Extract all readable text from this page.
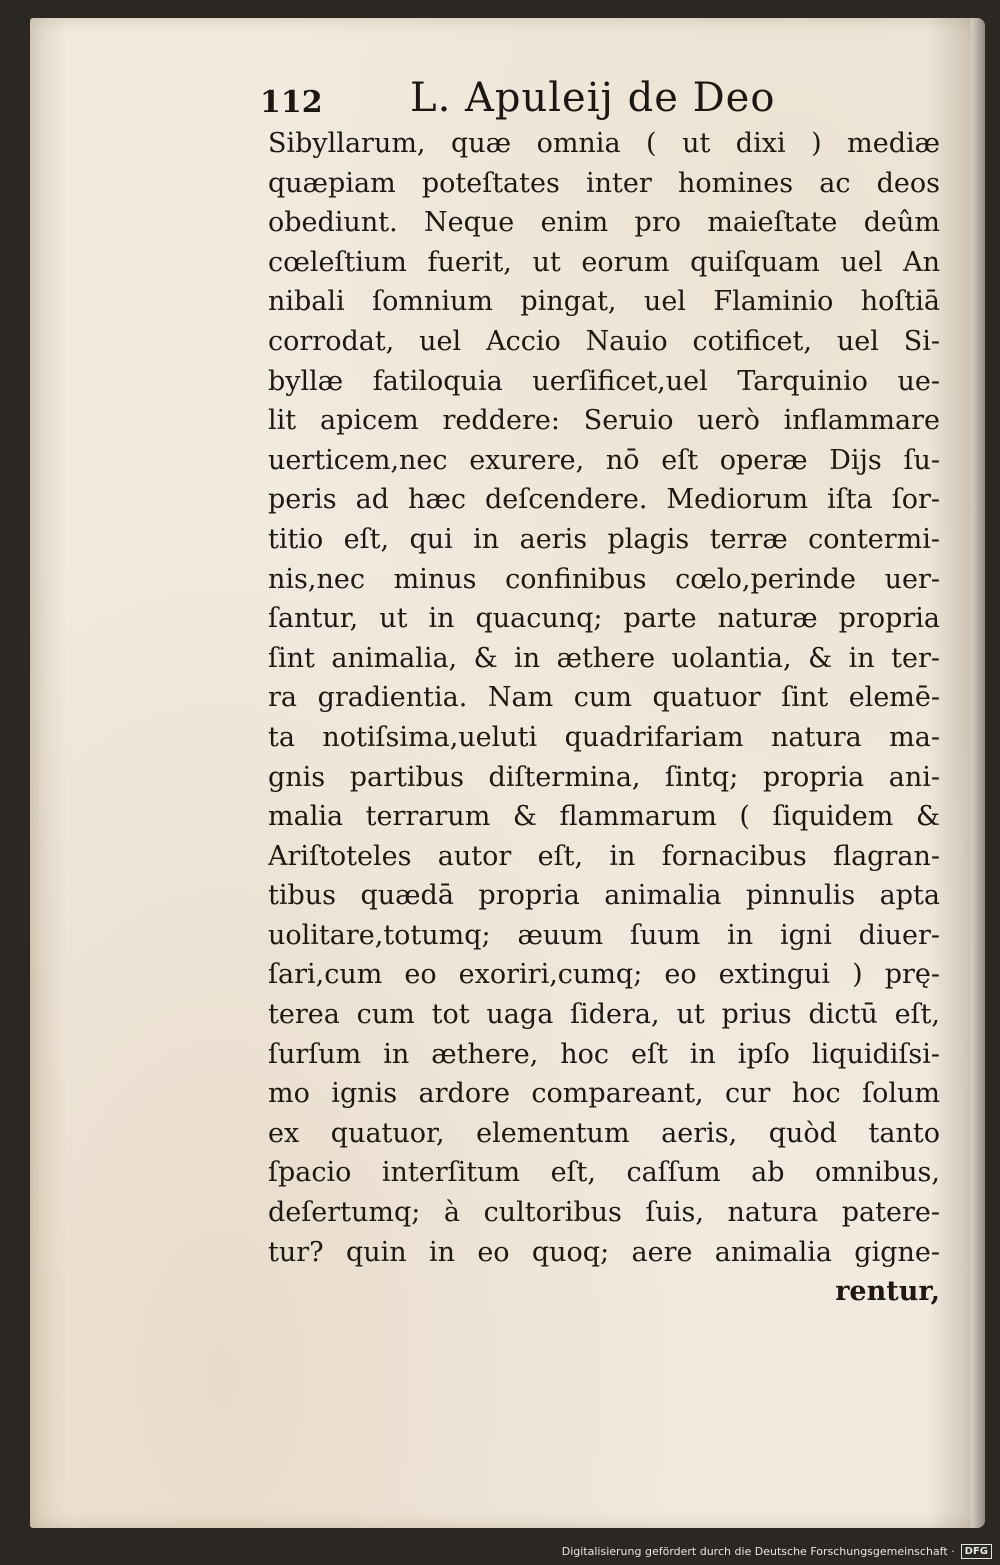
112 L. Apuleij de Deo
Sibyllarum, quæ omnia ( ut dixi ) mediæ
quæpiam poteſtates inter homines ac deos
obediunt. Neque enim pro maieſtate deûm
cœleſtium fuerit, ut eorum quiſquam uel An
nibali ſomnium pingat, uel Flaminio hoſtiā
corrodat, uel Accio Nauio cotificet, uel Si-
byllæ fatiloquia uerſificet,uel Tarquinio ue-
lit apicem reddere: Seruio uerò inflammare
uerticem,nec exurere, nō eſt operæ Dijs ſu-
peris ad hæc deſcendere. Mediorum iſta ſor-
titio eſt, qui in aeris plagis terræ contermi-
nis,nec minus confinibus cœlo,perinde uer-
ſantur, ut in quacunq; parte naturæ propria
ſint animalia, & in æthere uolantia, & in ter-
ra gradientia. Nam cum quatuor ſint elemē-
ta notiſsima,ueluti quadrifariam natura ma-
gnis partibus diſtermina, ſintq; propria ani-
malia terrarum & flammarum ( ſiquidem &
Ariſtoteles autor eſt, in fornacibus flagran-
tibus quædā propria animalia pinnulis apta
uolitare,totumq; æuum ſuum in igni diuer-
ſari,cum eo exoriri,cumq; eo extingui ) prę-
terea cum tot uaga ſidera, ut prius dictū eſt,
ſurſum in æthere, hoc eſt in ipſo liquidiſsi-
mo ignis ardore compareant, cur hoc ſolum
ex quatuor, elementum aeris, quòd tanto
ſpacio interſitum eſt, caſſum ab omnibus,
deſertumq; à cultoribus ſuis, natura patere-
tur? quin in eo quoq; aere animalia gigne-
rentur,
Digitalisierung gefördert durch die Deutsche Forschungsgemeinschaft ·	DFG
